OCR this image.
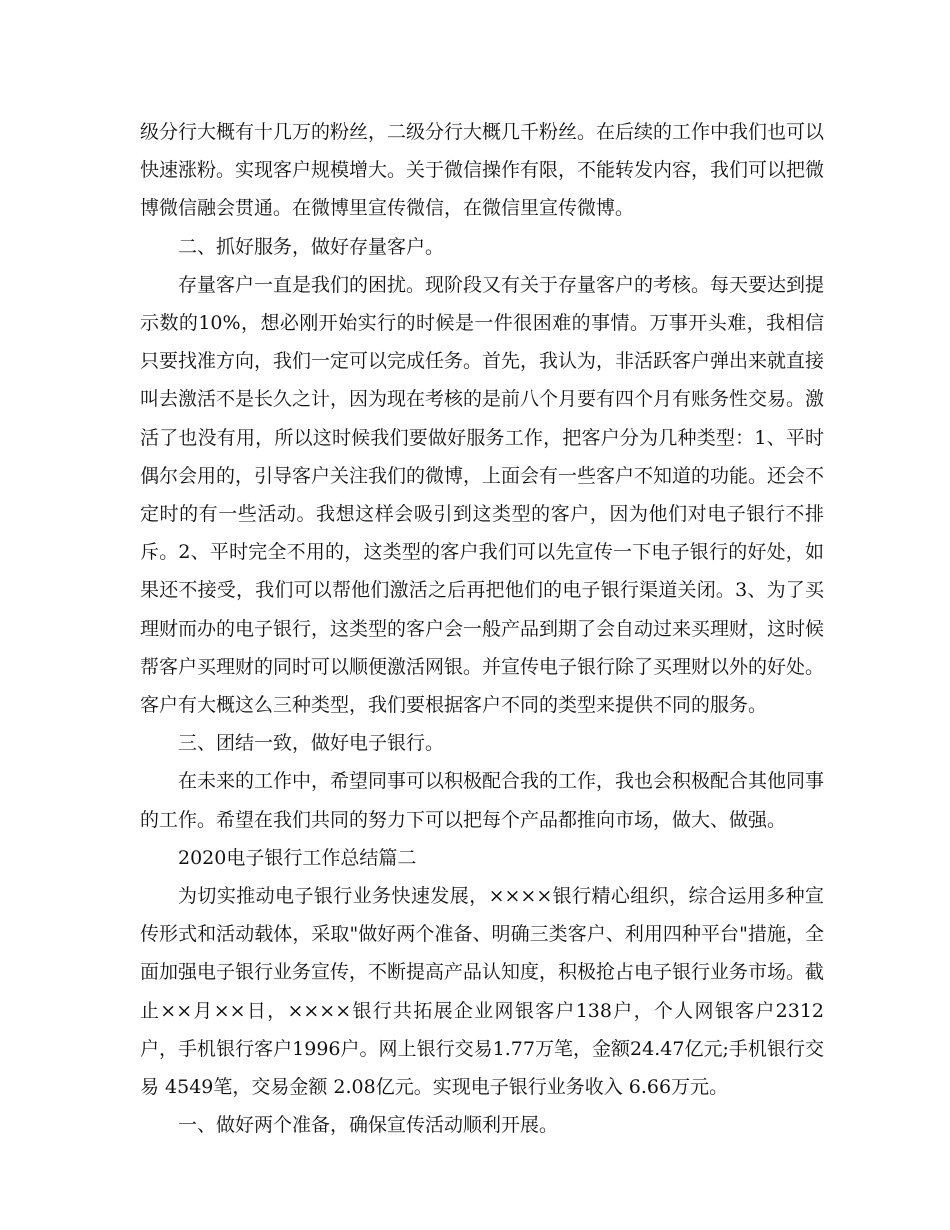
级分行大概有十几万的粉丝，二级分行大概几千粉丝。在后续的工作中我们也可以快速涨粉。实现客户规模增大。关于微信操作有限，不能转发内容，我们可以把微博微信融会贯通。在微博里宣传微信，在微信里宣传微博。

二、抓好服务，做好存量客户。

存量客户一直是我们的困扰。现阶段又有关于存量客户的考核。每天要达到提示数的10%，想必刚开始实行的时候是一件很困难的事情。万事开头难，我相信只要找准方向，我们一定可以完成任务。首先，我认为，非活跃客户弹出来就直接叫去激活不是长久之计，因为现在考核的是前八个月要有四个月有账务性交易。激活了也没有用，所以这时候我们要做好服务工作，把客户分为几种类型：1、平时偶尔会用的，引导客户关注我们的微博，上面会有一些客户不知道的功能。还会不定时的有一些活动。我想这样会吸引到这类型的客户，因为他们对电子银行不排斥。2、平时完全不用的，这类型的客户我们可以先宣传一下电子银行的好处，如果还不接受，我们可以帮他们激活之后再把他们的电子银行渠道关闭。3、为了买理财而办的电子银行，这类型的客户会一般产品到期了会自动过来买理财，这时候帮客户买理财的同时可以顺便激活网银。并宣传电子银行除了买理财以外的好处。客户有大概这么三种类型，我们要根据客户不同的类型来提供不同的服务。

三、团结一致，做好电子银行。

在未来的工作中，希望同事可以积极配合我的工作，我也会积极配合其他同事的工作。希望在我们共同的努力下可以把每个产品都推向市场，做大、做强。

2020电子银行工作总结篇二

为切实推动电子银行业务快速发展，××××银行精心组织，综合运用多种宣传形式和活动载体，采取"做好两个准备、明确三类客户、利用四种平台"措施，全面加强电子银行业务宣传，不断提高产品认知度，积极抢占电子银行业务市场。截止××月××日，××××银行共拓展企业网银客户138户，个人网银客户2312户，手机银行客户1996户。网上银行交易1.77万笔，金额24.47亿元;手机银行交易 4549笔，交易金额 2.08亿元。实现电子银行业务收入 6.66万元。

一、做好两个准备，确保宣传活动顺利开展。
